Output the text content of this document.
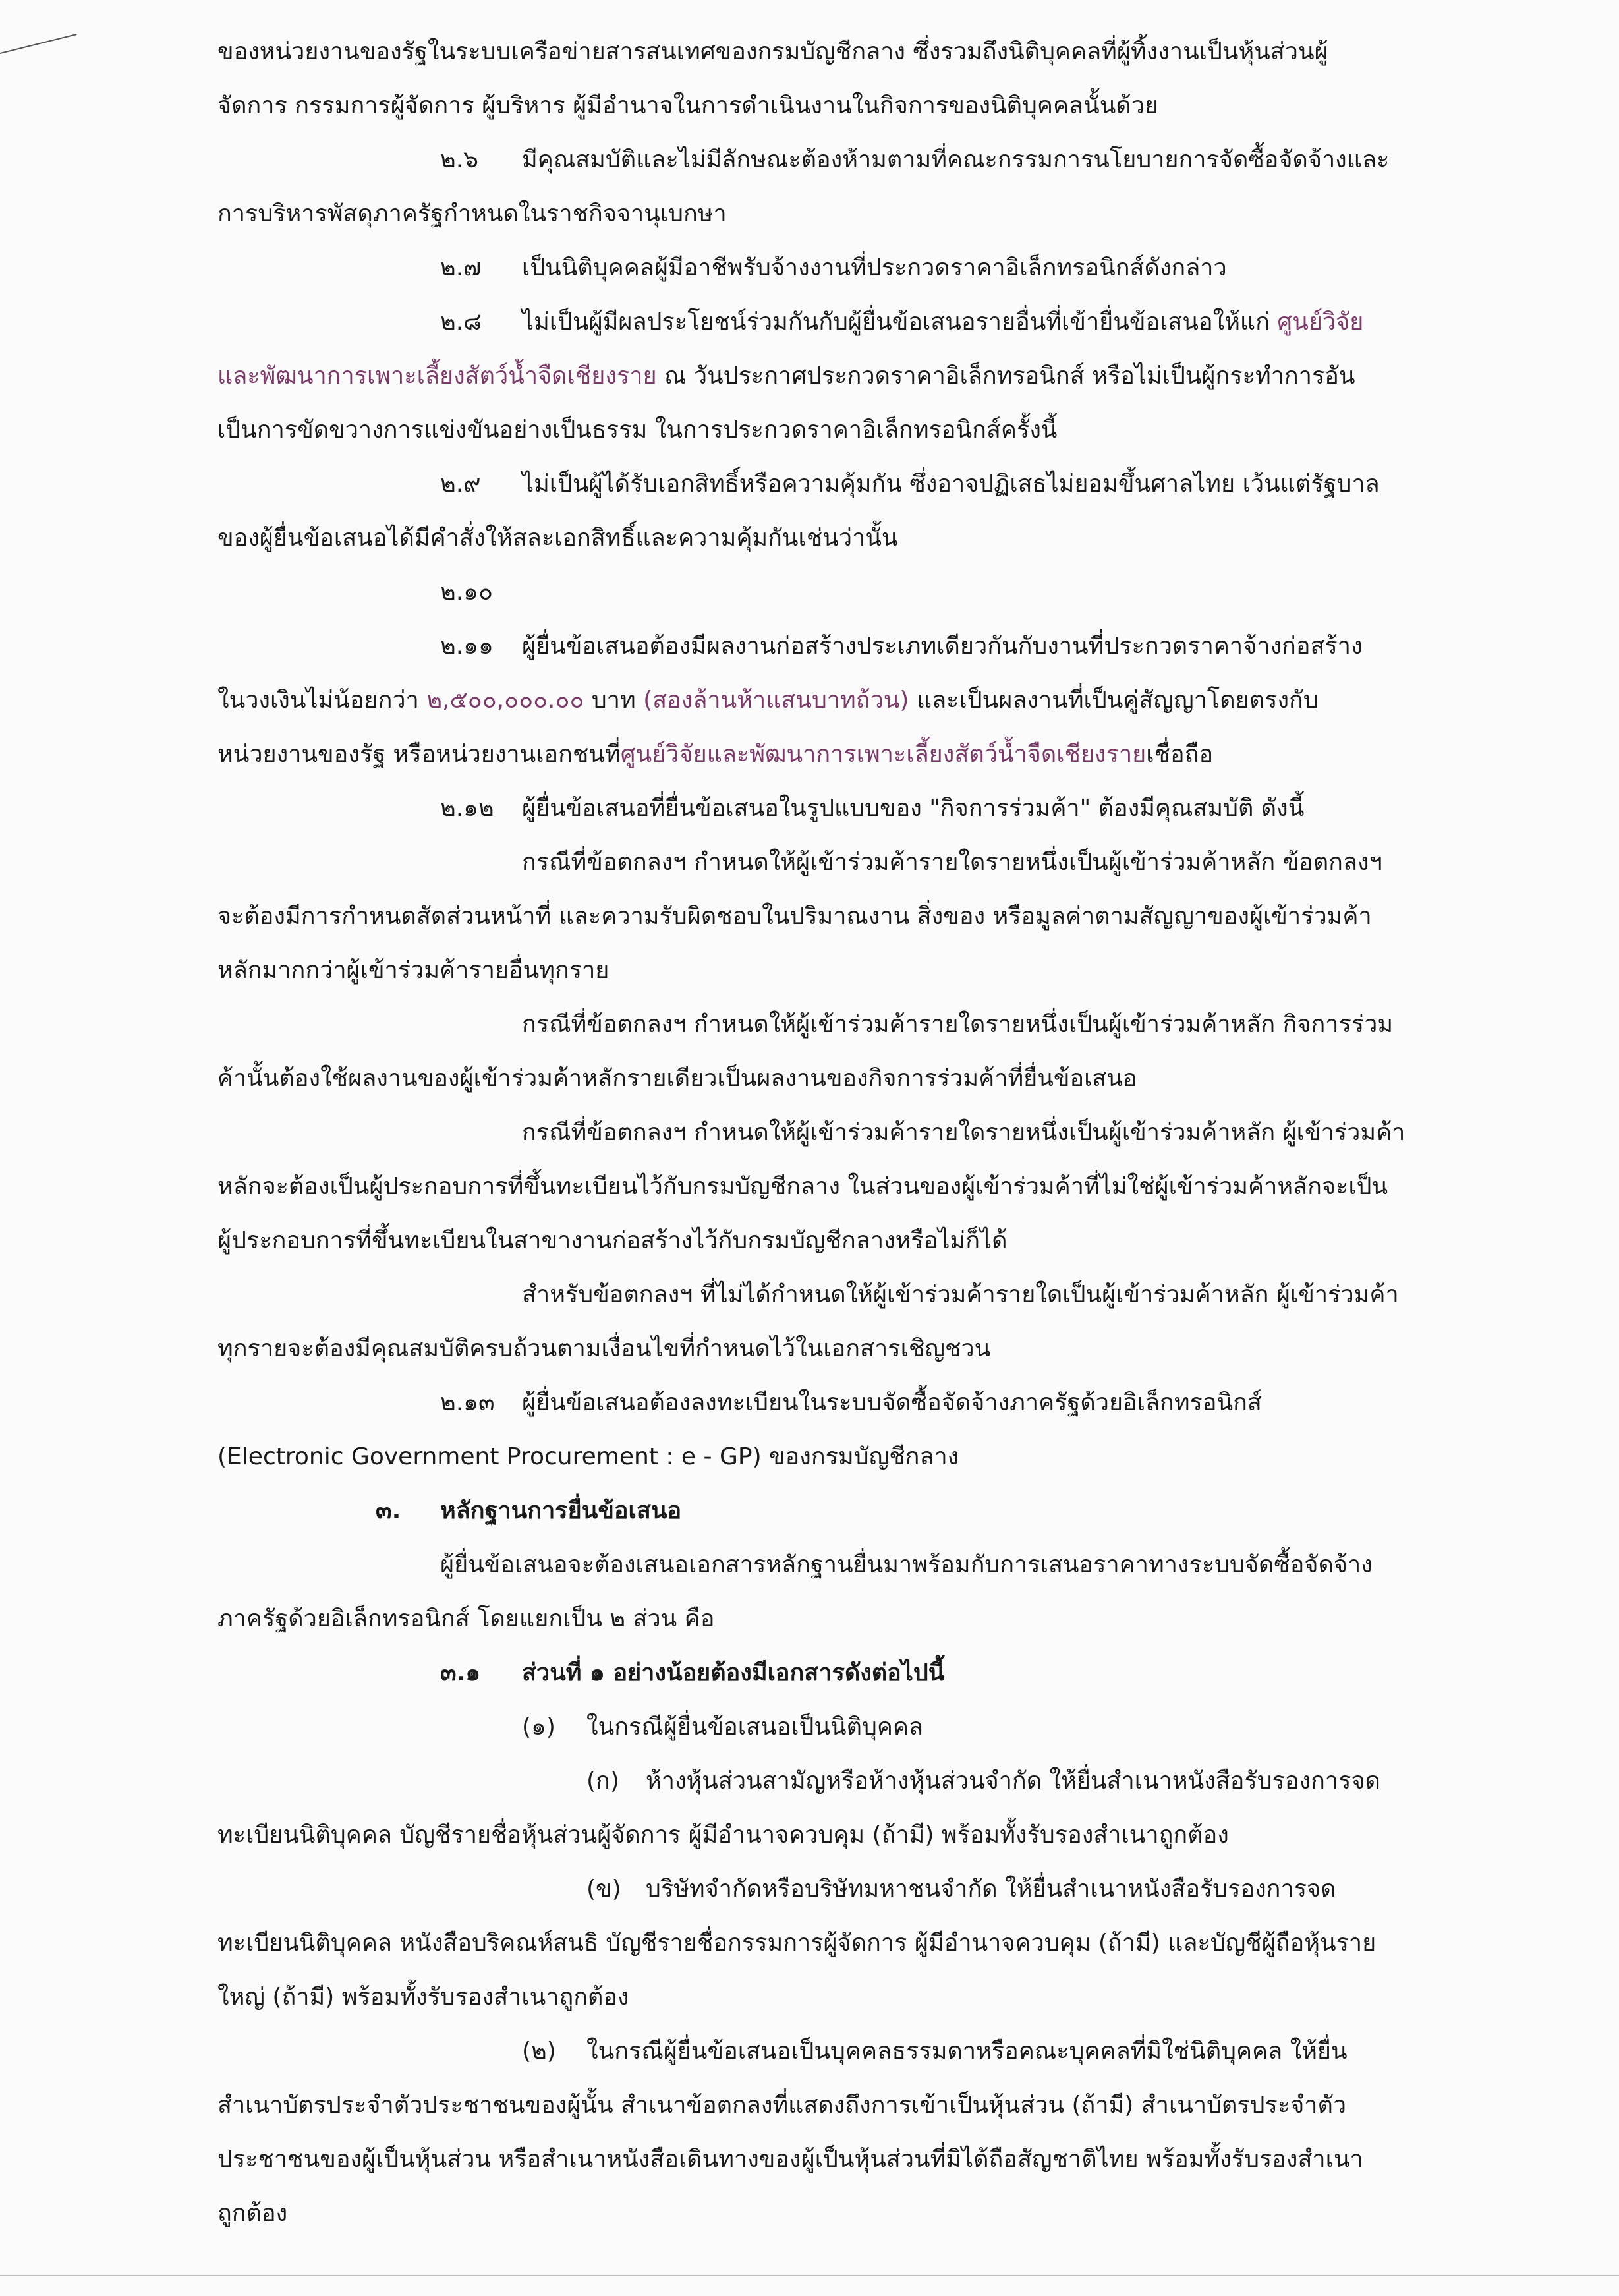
ของหน่วยงานของรัฐในระบบเครือข่ายสารสนเทศของกรมบัญชีกลาง ซึ่งรวมถึงนิติบุคคลที่ผู้ทิ้งงานเป็นหุ้นส่วนผู้
จัดการ กรรมการผู้จัดการ ผู้บริหาร ผู้มีอำนาจในการดำเนินงานในกิจการของนิติบุคคลนั้นด้วย
๒.๖ มีคุณสมบัติและไม่มีลักษณะต้องห้ามตามที่คณะกรรมการนโยบายการจัดซื้อจัดจ้างและ
การบริหารพัสดุภาครัฐกำหนดในราชกิจจานุเบกษา
๒.๗ เป็นนิติบุคคลผู้มีอาชีพรับจ้างงานที่ประกวดราคาอิเล็กทรอนิกส์ดังกล่าว
๒.๘ ไม่เป็นผู้มีผลประโยชน์ร่วมกันกับผู้ยื่นข้อเสนอรายอื่นที่เข้ายื่นข้อเสนอให้แก่ ศูนย์วิจัย
และพัฒนาการเพาะเลี้ยงสัตว์น้ำจืดเชียงราย ณ วันประกาศประกวดราคาอิเล็กทรอนิกส์ หรือไม่เป็นผู้กระทำการอัน
เป็นการขัดขวางการแข่งขันอย่างเป็นธรรม ในการประกวดราคาอิเล็กทรอนิกส์ครั้งนี้
๒.๙ ไม่เป็นผู้ได้รับเอกสิทธิ์หรือความคุ้มกัน ซึ่งอาจปฏิเสธไม่ยอมขึ้นศาลไทย เว้นแต่รัฐบาล
ของผู้ยื่นข้อเสนอได้มีคำสั่งให้สละเอกสิทธิ์และความคุ้มกันเช่นว่านั้น
๒.๑๐
๒.๑๑ ผู้ยื่นข้อเสนอต้องมีผลงานก่อสร้างประเภทเดียวกันกับงานที่ประกวดราคาจ้างก่อสร้าง
ในวงเงินไม่น้อยกว่า ๒,๕๐๐,๐๐๐.๐๐ บาท (สองล้านห้าแสนบาทถ้วน) และเป็นผลงานที่เป็นคู่สัญญาโดยตรงกับ
หน่วยงานของรัฐ หรือหน่วยงานเอกชนที่ศูนย์วิจัยและพัฒนาการเพาะเลี้ยงสัตว์น้ำจืดเชียงรายเชื่อถือ
๒.๑๒ ผู้ยื่นข้อเสนอที่ยื่นข้อเสนอในรูปแบบของ "กิจการร่วมค้า" ต้องมีคุณสมบัติ ดังนี้
กรณีที่ข้อตกลงฯ กำหนดให้ผู้เข้าร่วมค้ารายใดรายหนึ่งเป็นผู้เข้าร่วมค้าหลัก ข้อตกลงฯ
จะต้องมีการกำหนดสัดส่วนหน้าที่ และความรับผิดชอบในปริมาณงาน สิ่งของ หรือมูลค่าตามสัญญาของผู้เข้าร่วมค้า
หลักมากกว่าผู้เข้าร่วมค้ารายอื่นทุกราย
กรณีที่ข้อตกลงฯ กำหนดให้ผู้เข้าร่วมค้ารายใดรายหนึ่งเป็นผู้เข้าร่วมค้าหลัก กิจการร่วม
ค้านั้นต้องใช้ผลงานของผู้เข้าร่วมค้าหลักรายเดียวเป็นผลงานของกิจการร่วมค้าที่ยื่นข้อเสนอ
กรณีที่ข้อตกลงฯ กำหนดให้ผู้เข้าร่วมค้ารายใดรายหนึ่งเป็นผู้เข้าร่วมค้าหลัก ผู้เข้าร่วมค้า
หลักจะต้องเป็นผู้ประกอบการที่ขึ้นทะเบียนไว้กับกรมบัญชีกลาง ในส่วนของผู้เข้าร่วมค้าที่ไม่ใช่ผู้เข้าร่วมค้าหลักจะเป็น
ผู้ประกอบการที่ขึ้นทะเบียนในสาขางานก่อสร้างไว้กับกรมบัญชีกลางหรือไม่ก็ได้
สำหรับข้อตกลงฯ ที่ไม่ได้กำหนดให้ผู้เข้าร่วมค้ารายใดเป็นผู้เข้าร่วมค้าหลัก ผู้เข้าร่วมค้า
ทุกรายจะต้องมีคุณสมบัติครบถ้วนตามเงื่อนไขที่กำหนดไว้ในเอกสารเชิญชวน
๒.๑๓ ผู้ยื่นข้อเสนอต้องลงทะเบียนในระบบจัดซื้อจัดจ้างภาครัฐด้วยอิเล็กทรอนิกส์
(Electronic Government Procurement : e - GP) ของกรมบัญชีกลาง
๓. หลักฐานการยื่นข้อเสนอ
ผู้ยื่นข้อเสนอจะต้องเสนอเอกสารหลักฐานยื่นมาพร้อมกับการเสนอราคาทางระบบจัดซื้อจัดจ้าง
ภาครัฐด้วยอิเล็กทรอนิกส์ โดยแยกเป็น ๒ ส่วน คือ
๓.๑ ส่วนที่ ๑ อย่างน้อยต้องมีเอกสารดังต่อไปนี้
(๑) ในกรณีผู้ยื่นข้อเสนอเป็นนิติบุคคล
(ก) ห้างหุ้นส่วนสามัญหรือห้างหุ้นส่วนจำกัด ให้ยื่นสำเนาหนังสือรับรองการจด
ทะเบียนนิติบุคคล บัญชีรายชื่อหุ้นส่วนผู้จัดการ ผู้มีอำนาจควบคุม (ถ้ามี) พร้อมทั้งรับรองสำเนาถูกต้อง
(ข) บริษัทจำกัดหรือบริษัทมหาชนจำกัด ให้ยื่นสำเนาหนังสือรับรองการจด
ทะเบียนนิติบุคคล หนังสือบริคณห์สนธิ บัญชีรายชื่อกรรมการผู้จัดการ ผู้มีอำนาจควบคุม (ถ้ามี) และบัญชีผู้ถือหุ้นราย
ใหญ่ (ถ้ามี) พร้อมทั้งรับรองสำเนาถูกต้อง
(๒) ในกรณีผู้ยื่นข้อเสนอเป็นบุคคลธรรมดาหรือคณะบุคคลที่มิใช่นิติบุคคล ให้ยื่น
สำเนาบัตรประจำตัวประชาชนของผู้นั้น สำเนาข้อตกลงที่แสดงถึงการเข้าเป็นหุ้นส่วน (ถ้ามี) สำเนาบัตรประจำตัว
ประชาชนของผู้เป็นหุ้นส่วน หรือสำเนาหนังสือเดินทางของผู้เป็นหุ้นส่วนที่มิได้ถือสัญชาติไทย พร้อมทั้งรับรองสำเนา
ถูกต้อง
